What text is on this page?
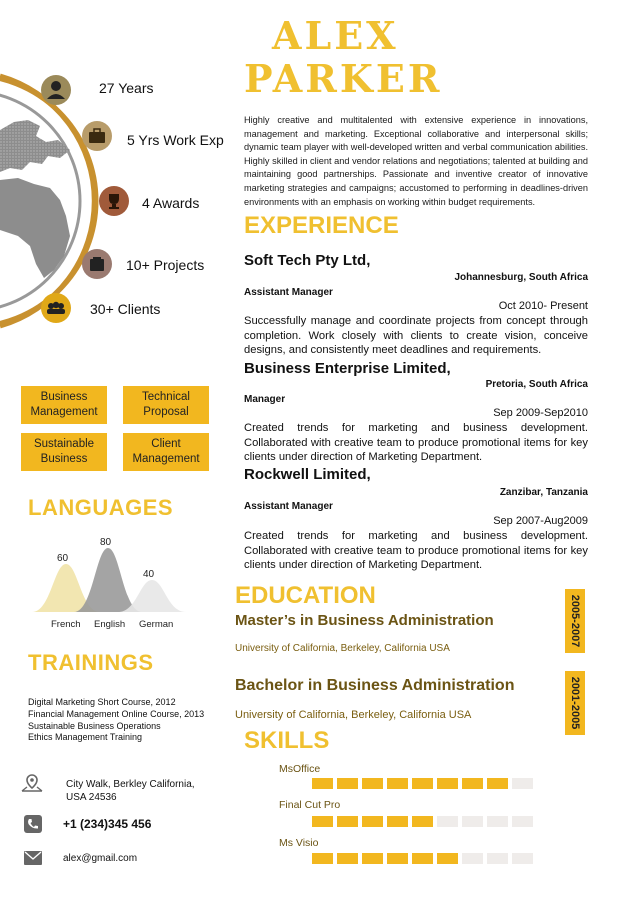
27 Years
5 Yrs Work Exp
4 Awards
10+ Projects
30+ Clients
Business Management
Technical Proposal
Sustainable Business
Client Management
LANGUAGES
60
80
40
French English German
TRAININGS
Digital Marketing Short Course, 2012
Financial Management Online Course, 2013
Sustainable Business Operations
Ethics Management Training
City Walk, Berkley California,
USA 24536
+1 (234)345 456
alex@gmail.com
ALEX
PARKER
Highly creative and multitalented with extensive experience in innovations, management and marketing. Exceptional collaborative and interpersonal skills; dynamic team player with well-developed written and verbal communication abilities. Highly skilled in client and vendor relations and negotiations; talented at building and maintaining good partnerships. Passionate and inventive creator of innovative marketing strategies and campaigns; accustomed to performing in deadlines-driven environments with an emphasis on working within budget requirements.
EXPERIENCE
Soft Tech Pty Ltd,
Johannesburg, South Africa
Assistant Manager
Oct 2010- Present
Successfully manage and coordinate projects from concept through completion. Work closely with clients to create vision, conceive designs, and consistently meet deadlines and requirements.
Business Enterprise Limited,
Pretoria, South Africa
Manager
Sep 2009-Sep2010
Created trends for marketing and business development. Collaborated with creative team to produce promotional items for key clients under direction of Marketing Department.
Rockwell Limited,
Zanzibar, Tanzania
Assistant Manager
Sep 2007-Aug2009
Created trends for marketing and business development. Collaborated with creative team to produce promotional items for key clients under direction of Marketing Department.
EDUCATION
Master’s in Business Administration
University of California, Berkeley, California USA
2005-2007
Bachelor in Business Administration
University of California, Berkeley, California USA	2001-2005
SKILLS
MsOffice
Final Cut Pro
Ms Visio
